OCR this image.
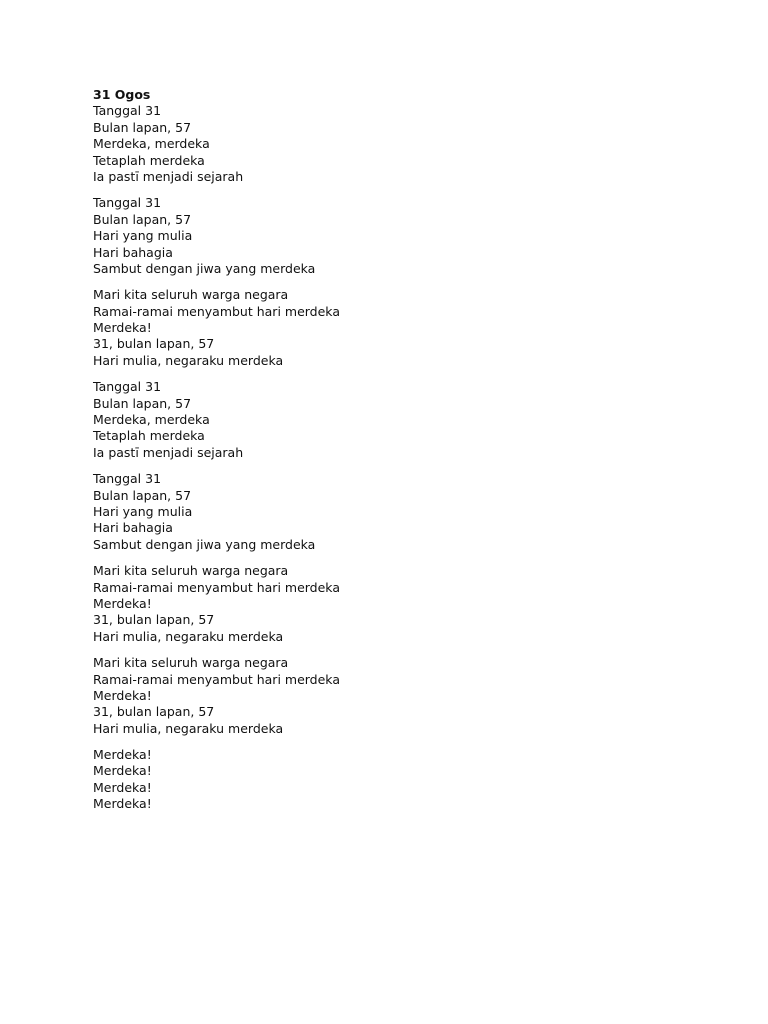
31 Ogos
Tanggal 31
Bulan lapan, 57
Merdeka, merdeka
Tetaplah merdeka
Ia pastī menjadi sejarah
Tanggal 31
Bulan lapan, 57
Hari yang mulia
Hari bahagia
Sambut dengan jiwa yang merdeka
Mari kita seluruh warga negara
Ramai-ramai menyambut hari merdeka
Merdeka!
31, bulan lapan, 57
Hari mulia, negaraku merdeka
Tanggal 31
Bulan lapan, 57
Merdeka, merdeka
Tetaplah merdeka
Ia pastī menjadi sejarah
Tanggal 31
Bulan lapan, 57
Hari yang mulia
Hari bahagia
Sambut dengan jiwa yang merdeka
Mari kita seluruh warga negara
Ramai-ramai menyambut hari merdeka
Merdeka!
31, bulan lapan, 57
Hari mulia, negaraku merdeka
Mari kita seluruh warga negara
Ramai-ramai menyambut hari merdeka
Merdeka!
31, bulan lapan, 57
Hari mulia, negaraku merdeka
Merdeka!
Merdeka!
Merdeka!
Merdeka!
